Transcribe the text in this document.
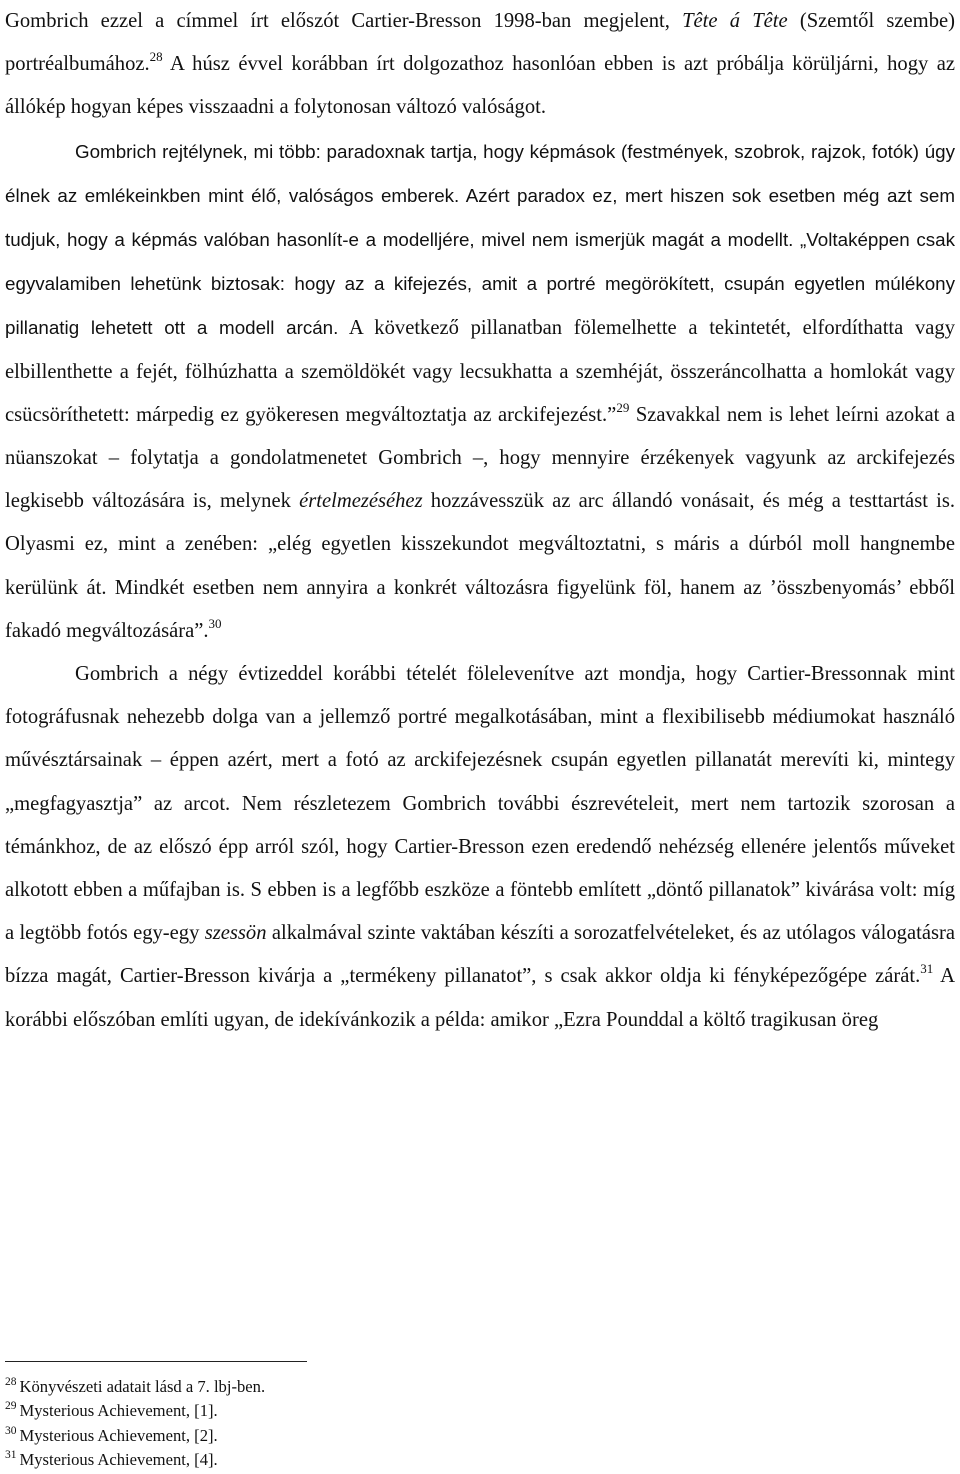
Gombrich ezzel a címmel írt előszót Cartier-Bresson 1998-ban megjelent, Tête á Tête (Szemtől szembe) portréalbumához.$^{28}$ A húsz évvel korábban írt dolgozathoz hasonlóan ebben is azt próbálja körüljárni, hogy az állókép hogyan képes visszaadni a folytonosan változó valóságot.

Gombrich rejtélynek, mi több: paradoxnak tartja, hogy képmások (festmények, szobrok, rajzok, fotók) úgy élnek az emlékeinkben mint élő, valóságos emberek. Azért paradox ez, mert hiszen sok esetben még azt sem tudjuk, hogy a képmás valóban hasonlít-e a modelljére, mivel nem ismerjük magát a modellt. „Voltaképpen csak egyvalamiben lehetünk biztosak: hogy az a kifejezés, amit a portré megörökített, csupán egyetlen múlékony pillanatig lehetett ott a modell arcán. A következő pillanatban fölemelhette a tekintetét, elfordíthatta vagy elbillenthette a fejét, fölhúzhatta a szemöldökét vagy lecsukhatta a szemhéját, összeráncolhatta a homlokát vagy csücsöríthetett: márpedig ez gyökeresen megváltoztatja az arckifejezést.”$^{29}$ Szavakkal nem is lehet leírni azokat a nüanszokat – folytatja a gondolatmenetet Gombrich –, hogy mennyire érzékenyek vagyunk az arckifejezés legkisebb változására is, melynek értelmezéséhez hozzávesszük az arc állandó vonásait, és még a testtartást is. Olyasmi ez, mint a zenében: „elég egyetlen kisszekundot megváltoztatni, s máris a dúrból moll hangnembe kerülünk át. Mindkét esetben nem annyira a konkrét változásra figyelünk föl, hanem az ’összbenyomás’ ebből fakadó megváltozására”.$^{30}$

Gombrich a négy évtizeddel korábbi tételét fölelevenítve azt mondja, hogy Cartier-Bressonnak mint fotográfusnak nehezebb dolga van a jellemző portré megalkotásában, mint a flexibilisebb médiumokat használó művésztársainak – éppen azért, mert a fotó az arckifejezésnek csupán egyetlen pillanatát merevíti ki, mintegy „megfagyasztja” az arcot. Nem részletezem Gombrich további észrevételeit, mert nem tartozik szorosan a témánkhoz, de az előszó épp arról szól, hogy Cartier-Bresson ezen eredendő nehézség ellenére jelentős műveket alkotott ebben a műfajban is. S ebben is a legfőbb eszköze a föntebb említett „döntő pillanatok” kivárása volt: míg a legtöbb fotós egy-egy szessön alkalmával szinte vaktában készíti a sorozatfelvételeket, és az utólagos válogatásra bízza magát, Cartier-Bresson kivárja a „termékeny pillanatot”, s csak akkor oldja ki fényképezőgépe zárát.$^{31}$ A korábbi előszóban említi ugyan, de idekívánkozik a példa: amikor „Ezra Pounddal a költő tragikusan öreg

$^{28}$ Könyvészeti adatait lásd a 7. lbj-ben.

$^{29}$ Mysterious Achievement, [1].

$^{30}$ Mysterious Achievement, [2].

$^{31}$ Mysterious Achievement, [4].
